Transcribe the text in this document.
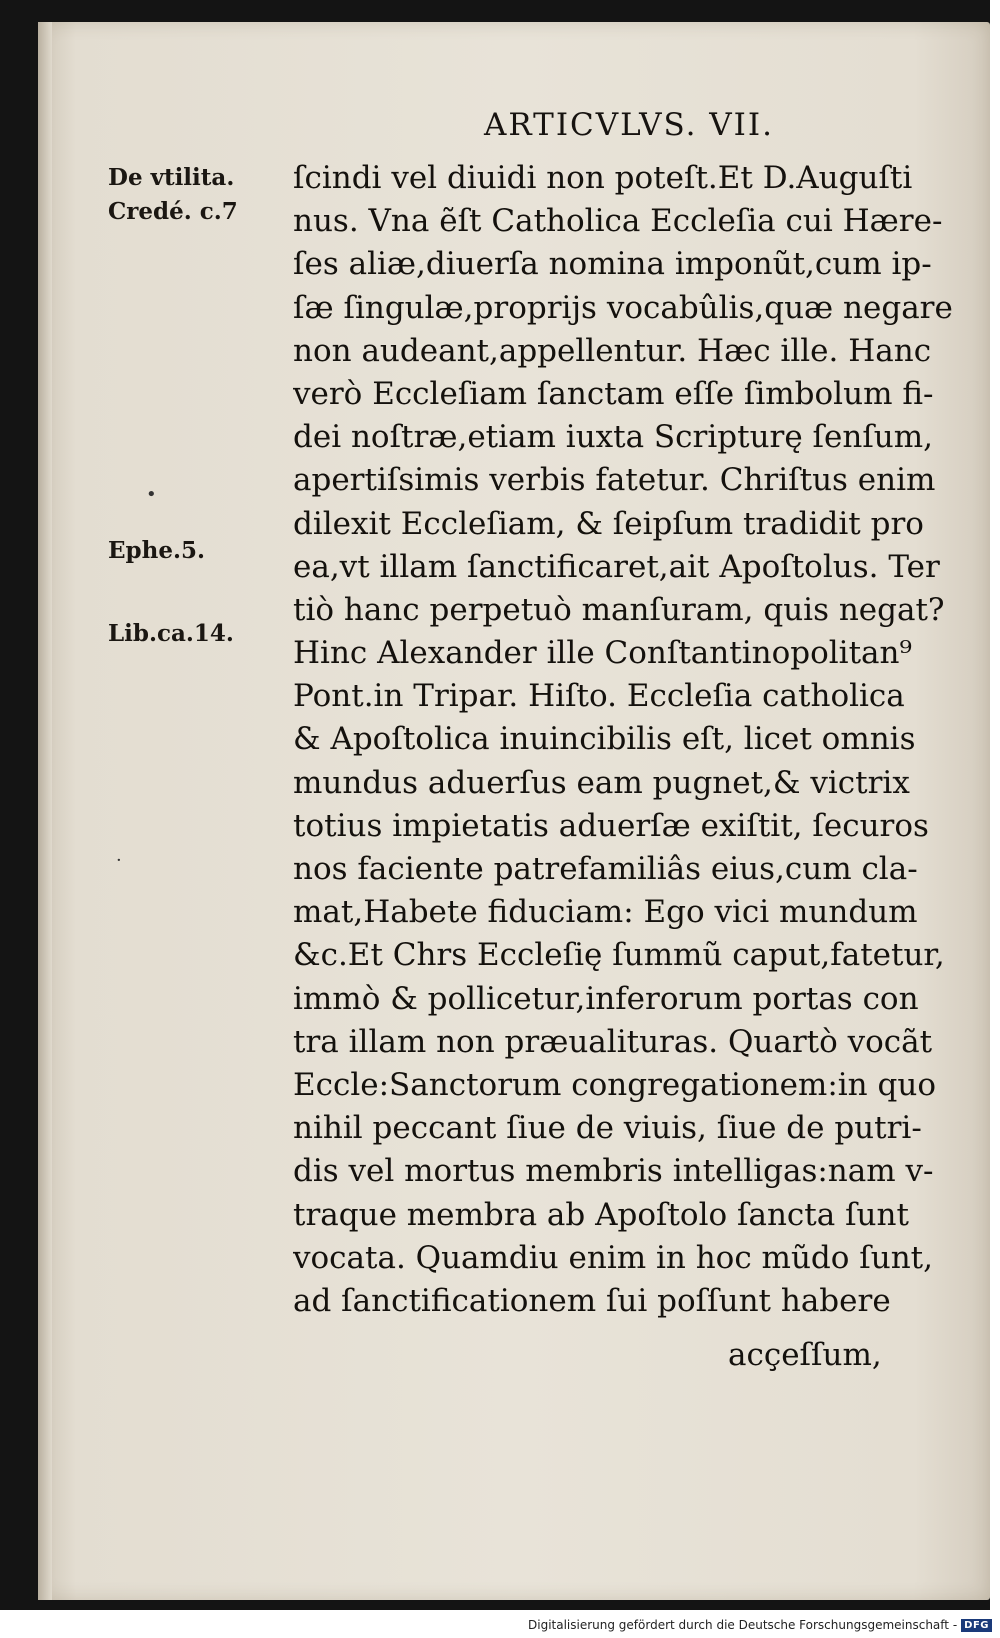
ARTICVLVS. VII.
De vtilita.
Credé. c.7
•
Ephe.5.
Lib.ca.14.
·
ſcindi vel diuidi non poteſt.Et D.Auguſti
nus. Vna ẽſt Catholica Eccleſia cui Hære-
ſes aliæ,diuerſa nomina imponũt,cum ip-
ſæ ſingulæ,proprijs vocabûlis,quæ negare
non audeant,appellentur. Hæc ille. Hanc
verò Eccleſiam ſanctam eſſe ſimbolum fi-
dei noſtræ,etiam iuxta Scripturę ſenſum,
apertiſsimis verbis fatetur. Chriſtus enim
dilexit Eccleſiam, & ſeipſum tradidit pro
ea,vt illam ſanctificaret,ait Apoſtolus. Ter
tiò hanc perpetuò manſuram, quis negat?
Hinc Alexander ille Conſtantinopolitan⁹
Pont.in Tripar. Hiſto. Eccleſia catholica
& Apoſtolica inuincibilis eſt, licet omnis
mundus aduerſus eam pugnet,& victrix
totius impietatis aduerſæ exiſtit, ſecuros
nos faciente patrefamiliâs eius,cum cla-
mat,Habete fiduciam: Ego vici mundum
&c.Et Chrs Eccleſię ſummũ caput,fatetur,
immò & pollicetur,inferorum portas con
tra illam non præualituras. Quartò vocãt
Eccle:Sanctorum congregationem:in quo
nihil peccant ſiue de viuis, ſiue de putri-
dis vel mortus membris intelligas:nam v-
traque membra ab Apoſtolo ſancta ſunt
vocata. Quamdiu enim in hoc mũdo ſunt,
ad ſanctificationem ſui poſſunt habere
acçeſſum,
Digitalisierung gefördert durch die Deutsche Forschungsgemeinschaft - DFG
